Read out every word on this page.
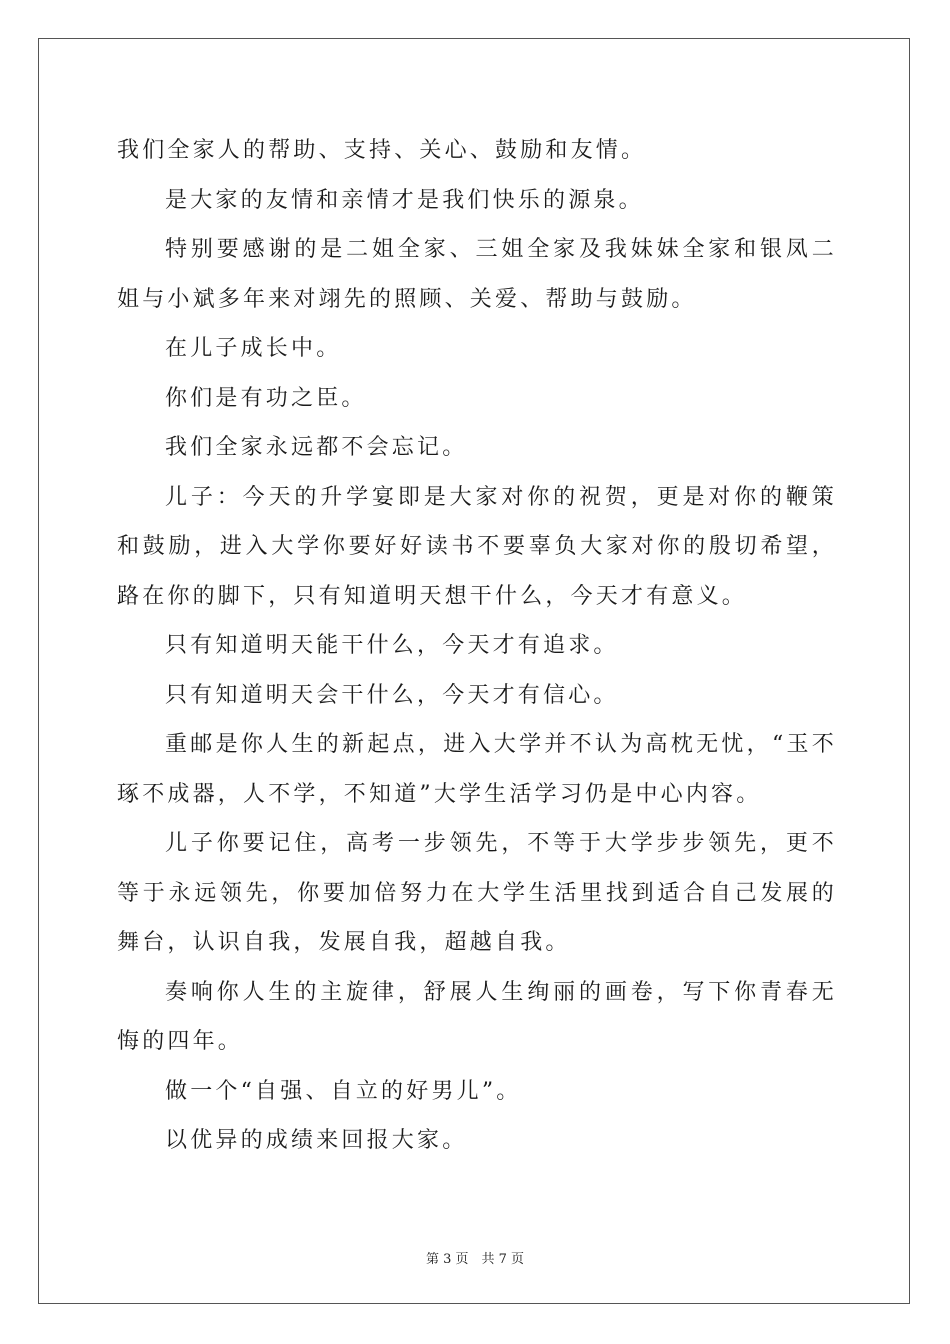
我们全家人的帮助、支持、关心、鼓励和友情。

是大家的友情和亲情才是我们快乐的源泉。

特别要感谢的是二姐全家、三姐全家及我妹妹全家和银凤二姐与小斌多年来对翊先的照顾、关爱、帮助与鼓励。

在儿子成长中。

你们是有功之臣。

我们全家永远都不会忘记。

儿子：今天的升学宴即是大家对你的祝贺，更是对你的鞭策和鼓励，进入大学你要好好读书不要辜负大家对你的殷切希望，路在你的脚下，只有知道明天想干什么，今天才有意义。

只有知道明天能干什么，今天才有追求。

只有知道明天会干什么，今天才有信心。

重邮是你人生的新起点，进入大学并不认为高枕无忧，“玉不琢不成器，人不学，不知道”大学生活学习仍是中心内容。

儿子你要记住，高考一步领先，不等于大学步步领先，更不等于永远领先，你要加倍努力在大学生活里找到适合自己发展的舞台，认识自我，发展自我，超越自我。

奏响你人生的主旋律，舒展人生绚丽的画卷，写下你青春无悔的四年。

做一个“自强、自立的好男儿”。

以优异的成绩来回报大家。

第 3 页　共 7 页
